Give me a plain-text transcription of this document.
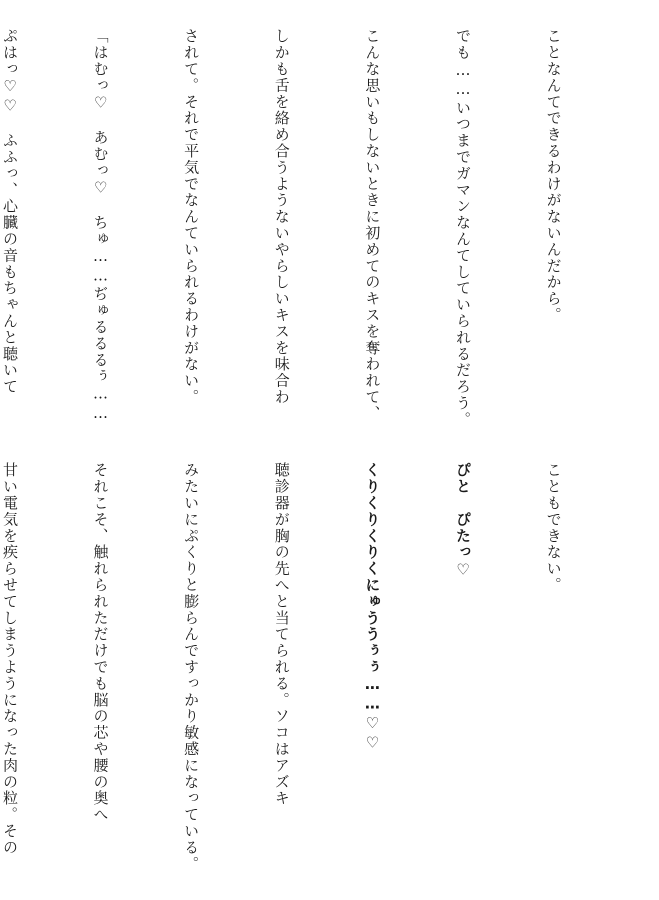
ことなんてできるわけがないんだから。

でも……いつまでガマンなんてしていられるだろう。

こんな思いもしないときに初めてのキスを奪われて、

しかも舌を絡め合うようないやらしいキスを味合わ

されて。それで平気でなんていられるわけがない。

「はむっ♡　あむっ♡　ちゅ……ぢゅるるるぅ……

ぷはっ♡♡　ふふっ、心臓の音もちゃんと聴いて

こともできない。

ぴと　ぴたっ♡

くりくりくりくにゅううぅぅ……♡♡

聴診器が胸の先へと当てられる。ソコはアズキ

みたいにぷくりと膨らんですっかり敏感になっている。

それこそ、触れられただけでも脳の芯や腰の奥へ

甘い電気を疾らせてしまうようになった肉の粒。その
